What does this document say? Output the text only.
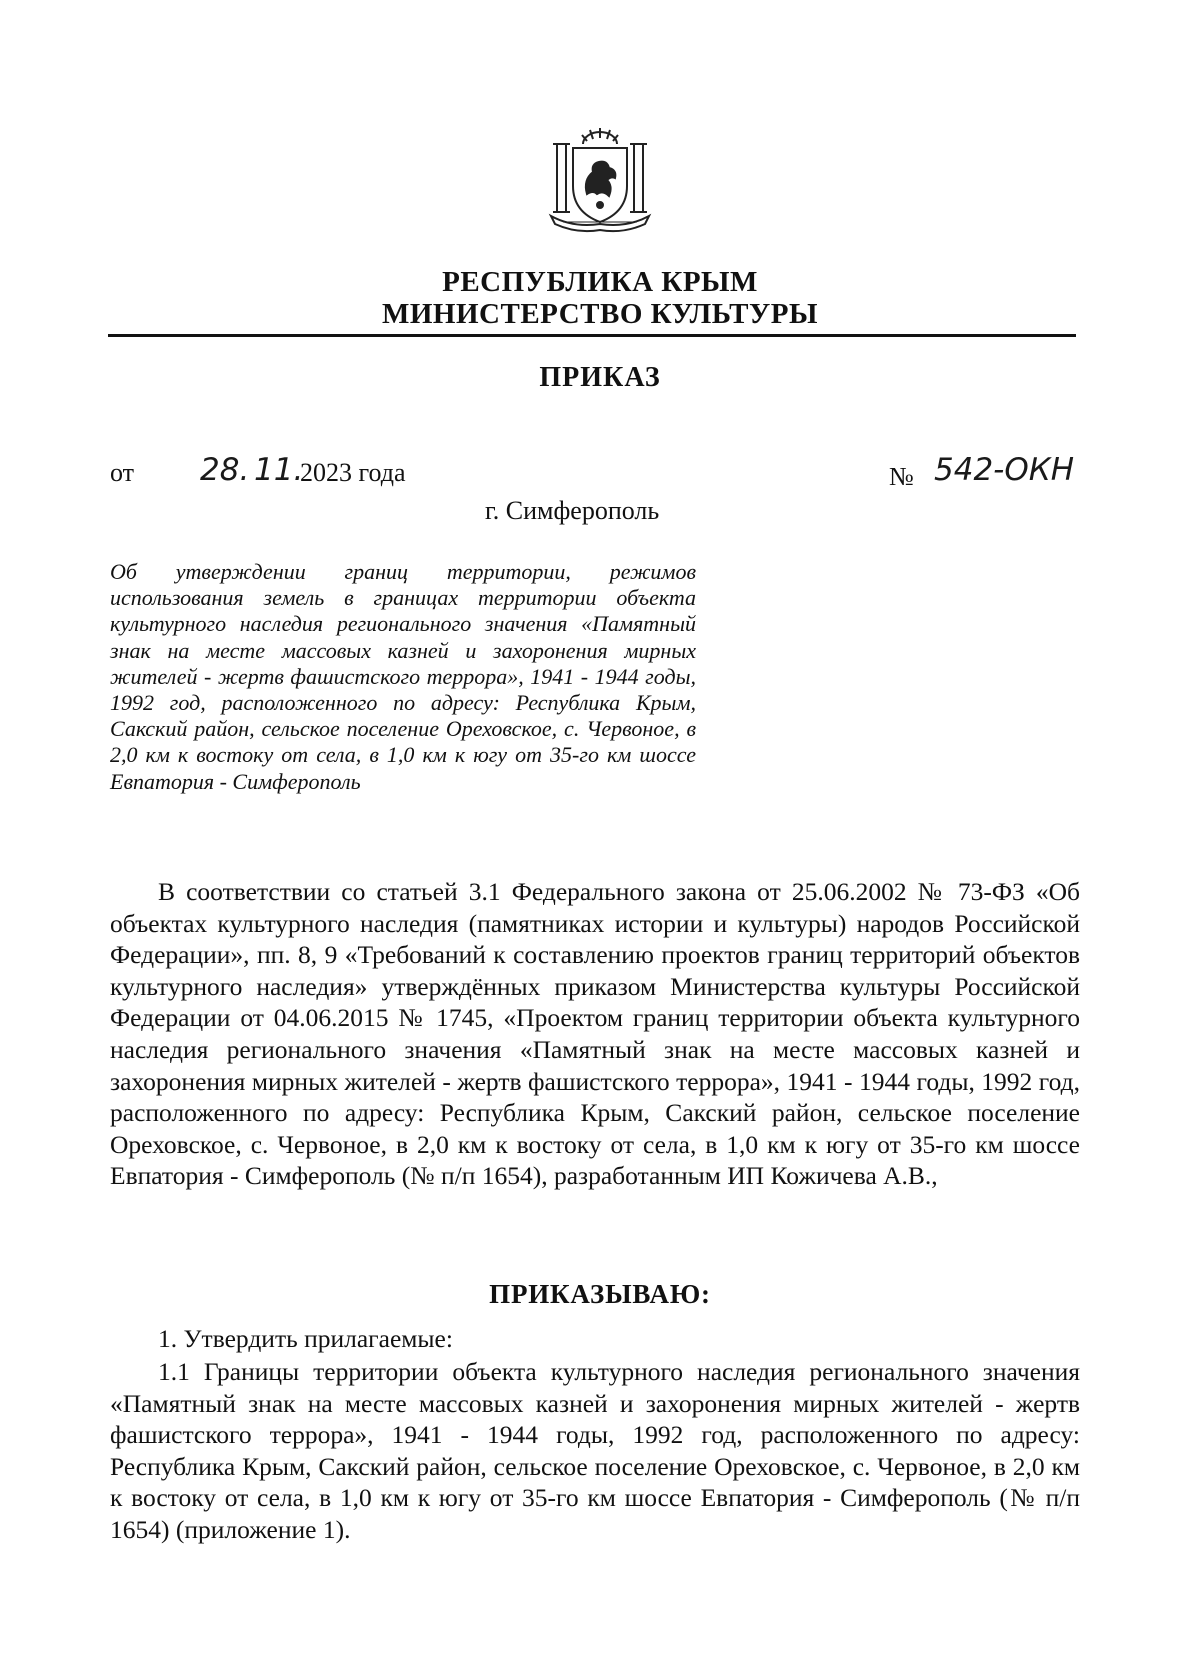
РЕСПУБЛИКА КРЫМ
МИНИСТЕРСТВО КУЛЬТУРЫ
ПРИКАЗ
от 28. 11.
2023 года	№ 542-ОКН
г. Симферополь
Об утверждении границ территории, режимов использования земель в границах территории объекта культурного наследия регионального значения «Памятный знак на месте массовых казней и захоронения мирных жителей - жертв фашистского террора», 1941 - 1944 годы, 1992 год, расположенного по адресу: Республика Крым, Сакский район, сельское поселение Ореховское, с. Червоное, в 2,0 км к востоку от села, в 1,0 км к югу от 35-го км шоссе Евпатория - Симферополь
В соответствии со статьей 3.1 Федерального закона от 25.06.2002 № 73-ФЗ «Об объектах культурного наследия (памятниках истории и культуры) народов Российской Федерации», пп. 8, 9 «Требований к составлению проектов границ территорий объектов культурного наследия» утверждённых приказом Министерства культуры Российской Федерации от 04.06.2015 № 1745, «Проектом границ территории объекта культурного наследия регионального значения «Памятный знак на месте массовых казней и захоронения мирных жителей - жертв фашистского террора», 1941 - 1944 годы, 1992 год, расположенного по адресу: Республика Крым, Сакский район, сельское поселение Ореховское, с. Червоное, в 2,0 км к востоку от села, в 1,0 км к югу от 35-го км шоссе Евпатория - Симферополь (№ п/п 1654), разработанным ИП Кожичева А.В.,
ПРИКАЗЫВАЮ:
1. Утвердить прилагаемые:
1.1 Границы территории объекта культурного наследия регионального значения «Памятный знак на месте массовых казней и захоронения мирных жителей - жертв фашистского террора», 1941 - 1944 годы, 1992 год, расположенного по адресу: Республика Крым, Сакский район, сельское поселение Ореховское, с. Червоное, в 2,0 км к востоку от села, в 1,0 км к югу от 35-го км шоссе Евпатория - Симферополь (№ п/п 1654) (приложение 1).
